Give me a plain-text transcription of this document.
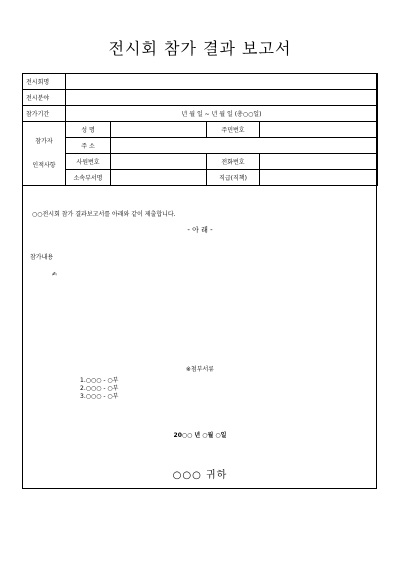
전시회 참가 결과 보고서
전시회명				
전시분야				
참가기간	년 월 일 ~ 년 월 일 (총○○일)			
참가자

인적사항	성 명		주민번호	
	주 소			
	사원번호		전화번호	
	소속부서명		직급(직책)	
○○전시회 참가 결과보고서를 아래와 같이 제출합니다.
- 아 래 -
참가내용
✍
※첨부서류
1.○○○ - ○부
2.○○○ - ○부
3.○○○ - ○부
20○○ 년 ○월 ○일
○○○ 귀하
